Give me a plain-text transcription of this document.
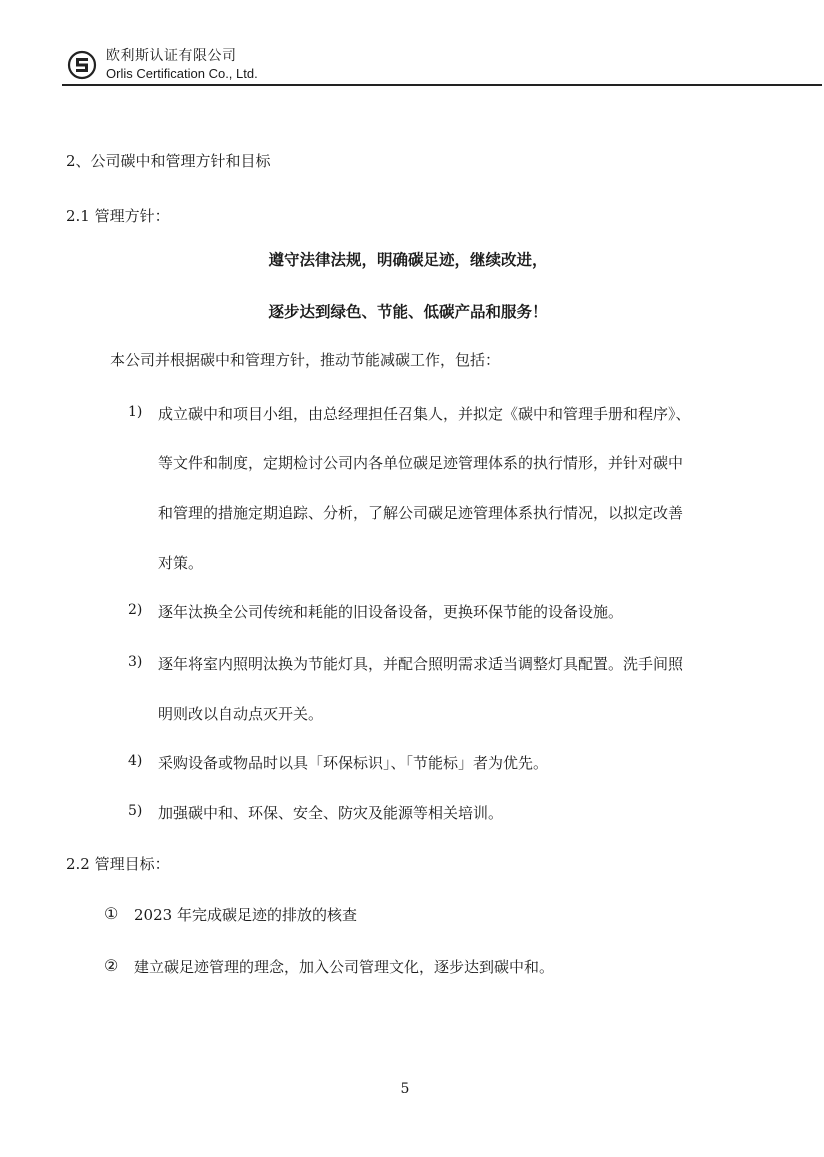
欧利斯认证有限公司
Orlis Certification Co., Ltd.
2、公司碳中和管理方针和目标
2.1 管理方针：
遵守法律法规，明确碳足迹，继续改进，
逐步达到绿色、节能、低碳产品和服务！
本公司并根据碳中和管理方针，推动节能减碳工作，包括：
1) 成立碳中和项目小组，由总经理担任召集人，并拟定《碳中和管理手册和程序》、
等文件和制度，定期检讨公司内各单位碳足迹管理体系的执行情形，并针对碳中
和管理的措施定期追踪、分析，了解公司碳足迹管理体系执行情况，以拟定改善
对策。
2) 逐年汰换全公司传统和耗能的旧设备设备，更换环保节能的设备设施。
3) 逐年将室内照明汰换为节能灯具，并配合照明需求适当调整灯具配置。洗手间照
明则改以自动点灭开关。
4) 采购设备或物品时以具「环保标识」、「节能标」者为优先。
5) 加强碳中和、环保、安全、防灾及能源等相关培训。
2.2 管理目标：
① 2023 年完成碳足迹的排放的核查
② 建立碳足迹管理的理念，加入公司管理文化，逐步达到碳中和。
5
